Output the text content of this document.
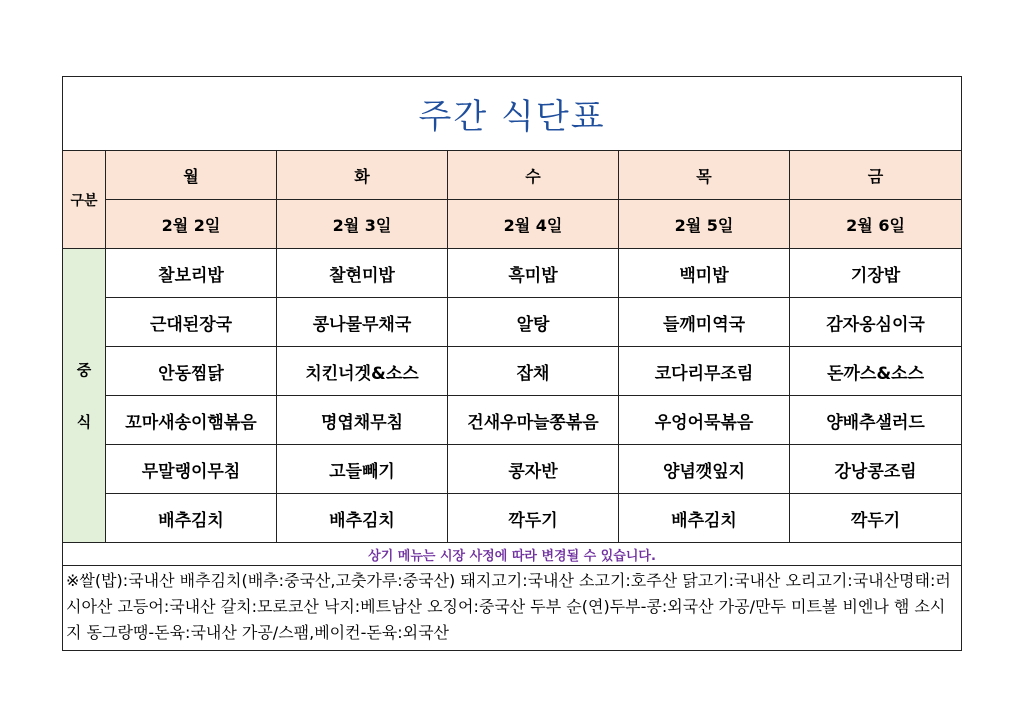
주간 식단표					
구분	월	화	수	목	금
	2월 2일	2월 3일	2월 4일	2월 5일	2월 6일

중
식	찰보리밥	찰현미밥	흑미밥	백미밥	기장밥
	근대된장국	콩나물무채국	알탕	들깨미역국	감자옹심이국
	안동찜닭	치킨너겟&소스	잡채	코다리무조림	돈까스&소스
	꼬마새송이햄볶음	명엽채무침	건새우마늘쫑볶음	우엉어묵볶음	양배추샐러드
	무말랭이무침	고들빼기	콩자반	양념깻잎지	강낭콩조림
	배추김치	배추김치	깍두기	배추김치	깍두기
상기 메뉴는 시장 사정에 따라 변경될 수 있습니다.					
※쌀(밥):국내산 배추김치(배추:중국산,고춧가루:중국산) 돼지고기:국내산 소고기:호주산 닭고기:국내산 오리고기:국내산명태:러시아산 고등어:국내산 갈치:모로코산 낙지:베트남산 오징어:중국산 두부 순(연)두부-콩:외국산 가공/만두 미트볼 비엔나 햄 소시지 동그랑땡-돈육:국내산 가공/스팸,베이컨-돈육:외국산					
